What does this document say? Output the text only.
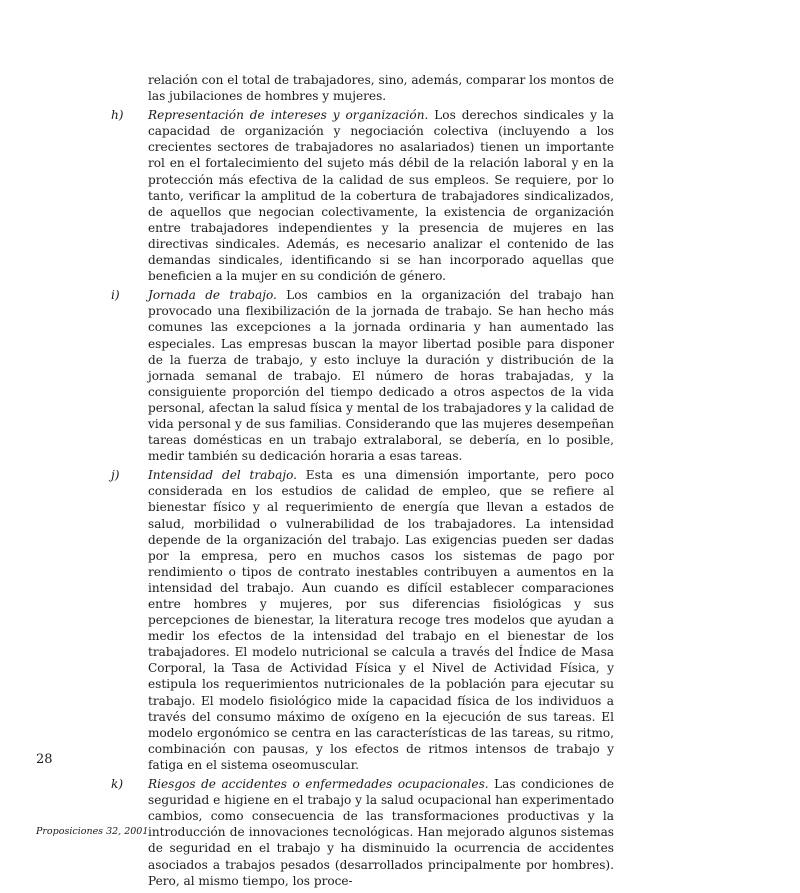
relación con el total de trabajadores, sino, además, comparar los montos de las jubilaciones de hombres y mujeres.

h) Representación de intereses y organización. Los derechos sindicales y la capacidad de organización y negociación colectiva (incluyendo a los crecientes sectores de trabajadores no asalariados) tienen un importante rol en el fortalecimiento del sujeto más débil de la relación laboral y en la protección más efectiva de la calidad de sus empleos. Se requiere, por lo tanto, verificar la amplitud de la cobertura de trabajadores sindicalizados, de aquellos que negocian colectivamente, la existencia de organización entre trabajadores independientes y la presencia de mujeres en las directivas sindicales. Además, es necesario analizar el contenido de las demandas sindicales, identificando si se han incorporado aquellas que beneficien a la mujer en su condición de género.

i) Jornada de trabajo. Los cambios en la organización del trabajo han provocado una flexibilización de la jornada de trabajo. Se han hecho más comunes las excepciones a la jornada ordinaria y han aumentado las especiales. Las empresas buscan la mayor libertad posible para disponer de la fuerza de trabajo, y esto incluye la duración y distribución de la jornada semanal de trabajo. El número de horas trabajadas, y la consiguiente proporción del tiempo dedicado a otros aspectos de la vida personal, afectan la salud física y mental de los trabajadores y la calidad de vida personal y de sus familias. Considerando que las mujeres desempeñan tareas domésticas en un trabajo extralaboral, se debería, en lo posible, medir también su dedicación horaria a esas tareas.

j) Intensidad del trabajo. Esta es una dimensión importante, pero poco considerada en los estudios de calidad de empleo, que se refiere al bienestar físico y al requerimiento de energía que llevan a estados de salud, morbilidad o vulnerabilidad de los trabajadores. La intensidad depende de la organización del trabajo. Las exigencias pueden ser dadas por la empresa, pero en muchos casos los sistemas de pago por rendimiento o tipos de contrato inestables contribuyen a aumentos en la intensidad del trabajo. Aun cuando es difícil establecer comparaciones entre hombres y mujeres, por sus diferencias fisiológicas y sus percepciones de bienestar, la literatura recoge tres modelos que ayudan a medir los efectos de la intensidad del trabajo en el bienestar de los trabajadores. El modelo nutricional se calcula a través del Índice de Masa Corporal, la Tasa de Actividad Física y el Nivel de Actividad Física, y estipula los requerimientos nutricionales de la población para ejecutar su trabajo. El modelo fisiológico mide la capacidad física de los individuos a través del consumo máximo de oxígeno en la ejecución de sus tareas. El modelo ergonómico se centra en las características de las tareas, su ritmo, combinación con pausas, y los efectos de ritmos intensos de trabajo y fatiga en el sistema oseomuscular.

k) Riesgos de accidentes o enfermedades ocupacionales. Las condiciones de seguridad e higiene en el trabajo y la salud ocupacional han experimentado cambios, como consecuencia de las transformaciones productivas y la introducción de innovaciones tecnológicas. Han mejorado algunos sistemas de seguridad en el trabajo y ha disminuido la ocurrencia de accidentes asociados a trabajos pesados (desarrollados principalmente por hombres). Pero, al mismo tiempo, los proce-

28
Proposiciones 32, 2001
